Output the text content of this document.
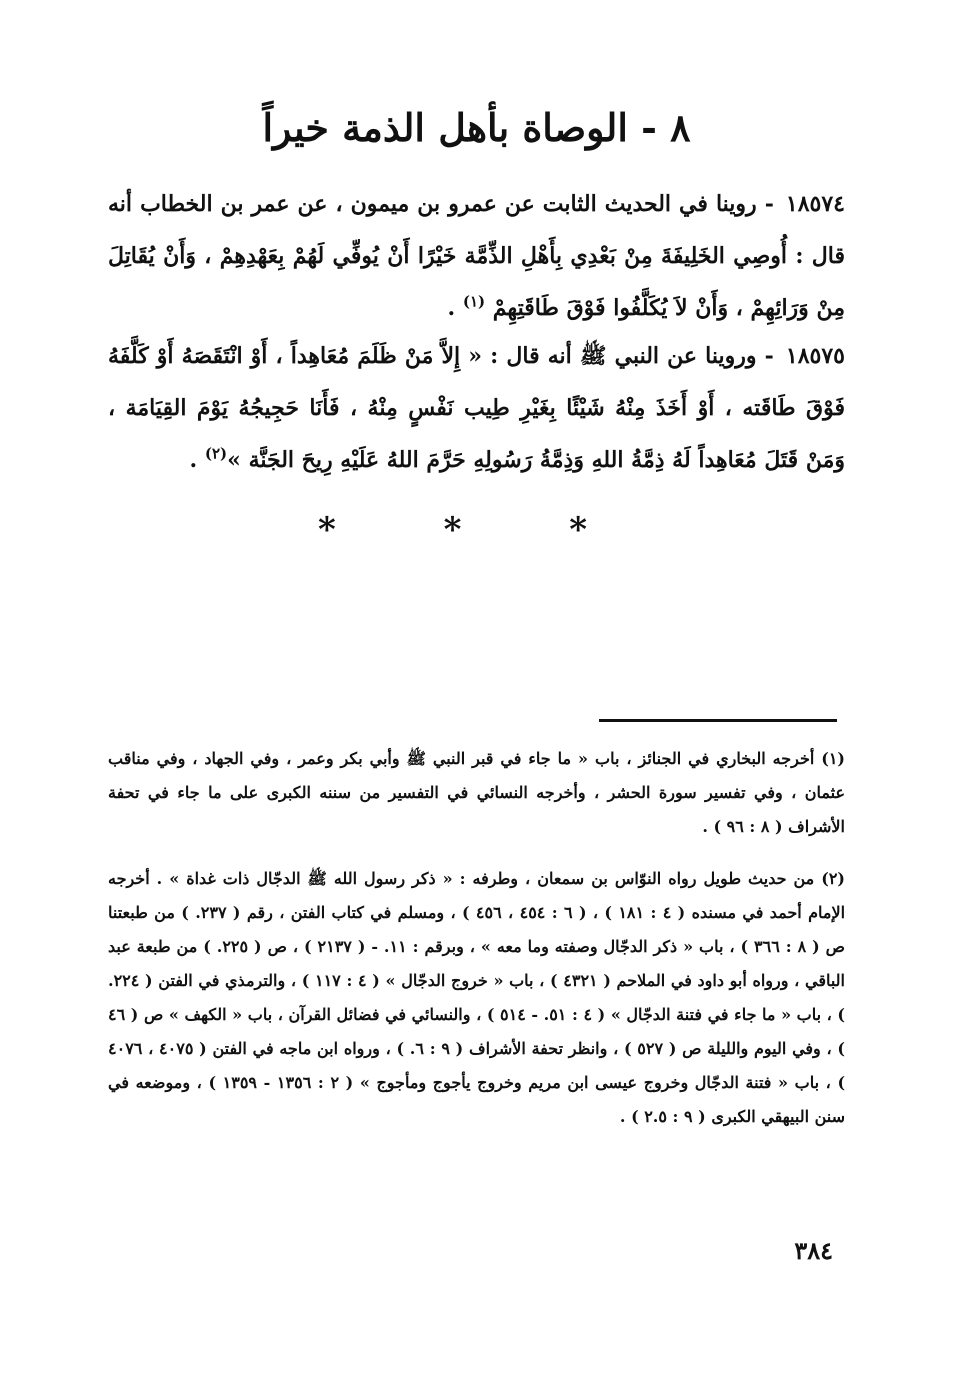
٨ - الوصاة بأهل الذمة خيراً

١٨٥٧٤ - روينا في الحديث الثابت عن عمرو بن ميمون ، عن عمر بن الخطاب أنه قال : أُوصِي الخَلِيفَةَ مِنْ بَعْدِي بِأَهْلِ الذِّمَّة خَيْرًا أَنْ يُوفِّي لَهُمْ بِعَهْدِهِمْ ، وَأَنْ يُقَاتِلَ مِنْ وَرَائِهِمْ ، وَأَنْ لاَ يُكَلَّفُوا فَوْقَ طَاقَتِهِمْ $^{(١)}$ .

١٨٥٧٥ - وروينا عن النبي ﷺ أنه قال : « إِلاَّ مَنْ ظَلَمَ مُعَاهِداً ، أَوْ انْتَقَصَهُ أَوْ كَلَّفَهُ فَوْقَ طَاقَته ، أَوْ أَخَذَ مِنْهُ شَيْئًا بِغَيْرِ طِيب نَفْسٍ مِنْهُ ، فَأَنَا حَجِيجُهُ يَوْمَ القِيَامَة ، وَمَنْ قَتَلَ مُعَاهِداً لَهُ ذِمَّةُ اللهِ وَذِمَّةُ رَسُولِهِ حَرَّمَ اللهُ عَلَيْهِ رِيحَ الجَنَّة »$^{(٢)}$ .

* * *

(١) أخرجه البخاري في الجنائز ، باب « ما جاء في قبر النبي ﷺ وأبي بكر وعمر ، وفي الجهاد ، وفي مناقب عثمان ، وفي تفسير سورة الحشر ، وأخرجه النسائي في التفسير من سننه الكبرى على ما جاء في تحفة الأشراف ( ٨ : ٩٦ ) .

(٢) من حديث طويل رواه النوّاس بن سمعان ، وطرفه : « ذكر رسول الله ﷺ الدجّال ذات غداة » . أخرجه الإمام أحمد في مسنده ( ٤ : ١٨١ ) ، ( ٦ : ٤٥٤ ، ٤٥٦ ) ، ومسلم في كتاب الفتن ، رقم ( ٢٣٧. ) من طبعتنا ص ( ٨ : ٣٦٦ ) ، باب « ذكر الدجّال وصفته وما معه » ، وبرقم : ١١. - ( ٢١٣٧ ) ، ص ( ٢٢٥. ) من طبعة عبد الباقي ، ورواه أبو داود في الملاحم ( ٤٣٢١ ) ، باب « خروج الدجّال » ( ٤ : ١١٧ ) ، والترمذي في الفتن ( ٢٢٤. ) ، باب « ما جاء في فتنة الدجّال » ( ٤ : ٥١. - ٥١٤ ) ، والنسائي في فضائل القرآن ، باب « الكهف » ص ( ٤٦ ) ، وفي اليوم والليلة ص ( ٥٢٧ ) ، وانظر تحفة الأشراف ( ٩ : ٦. ) ، ورواه ابن ماجه في الفتن ( ٤٠٧٥ ، ٤٠٧٦ ) ، باب « فتنة الدجّال وخروج عيسى ابن مريم وخروج يأجوج ومأجوج » ( ٢ : ١٣٥٦ - ١٣٥٩ ) ، وموضعه في سنن البيهقي الكبرى ( ٩ : ٢.٥ ) .

٣٨٤
